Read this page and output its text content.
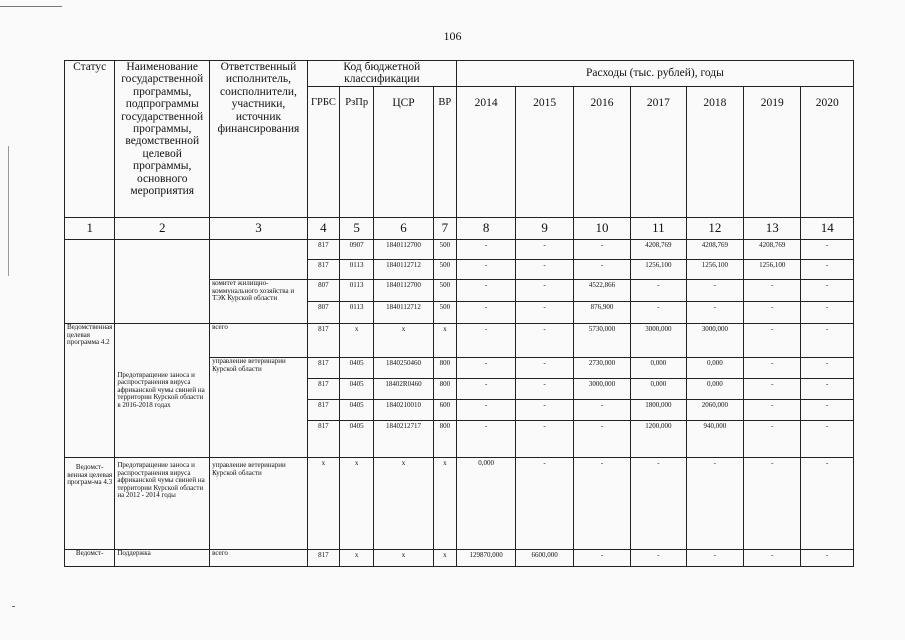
106
Статус	Наименование государственной программы, подпрограммы государственной программы, ведомственной целевой программы, основного мероприятия	Ответственный исполнитель, соисполнители, участники, источник финансирования	Код бюджетной классификации				Расходы (тыс. рублей), годы						
			ГРБС	РзПр	ЦСР	ВР	2014	2015	2016	2017	2018	2019	2020
1	2	3	4	5	6	7	8	9	10	11	12	13	14
			817	0907	1840112700	500	-	-	-	4208,769	4208,769	4208,769	-
			817	0113	1840112712	500	-	-	-	1256,100	1256,100	1256,100	-
		комитет жилищно-коммунального хозяйства и ТЭК Курской области	807	0113	1840112700	500	-	-	4522,866	-	-	-	-
			807	0113	1840112712	500	-	-	876,900	-	-	-	-
Ведомственная целевая программа 4.2	Предотвращение заноса и распространения вируса африканской чумы свиней на территории Курской области в 2016-2018 годах	всего	817	х	х	х	-	-	5730,000	3000,000	3000,000	-	-
		управление ветеринарии Курской области	817	0405	1840250460	800	-	-	2730,000	0,000	0,000	-	-
			817	0405	18402R0460	800	-	-	3000,000	0,000	0,000	-	-
			817	0405	1840210010	600	-	-	-	1800,000	2060,000	-	-
			817	0405	1840212717	800	-	-	-	1200,000	940,000	-	-
Ведомст-венная целевая програм-ма 4.3	Предотвращение заноса и распространения вируса африканской чумы свиней на территории Курской области на 2012 - 2014 годы	управление ветеринарии Курской области	х	х	х	х	0,000	-	-	-	-	-	-
Ведомст-	Поддержка	всего	817	х	х	х	129870,000	6600,000	-	-	-	-	-
